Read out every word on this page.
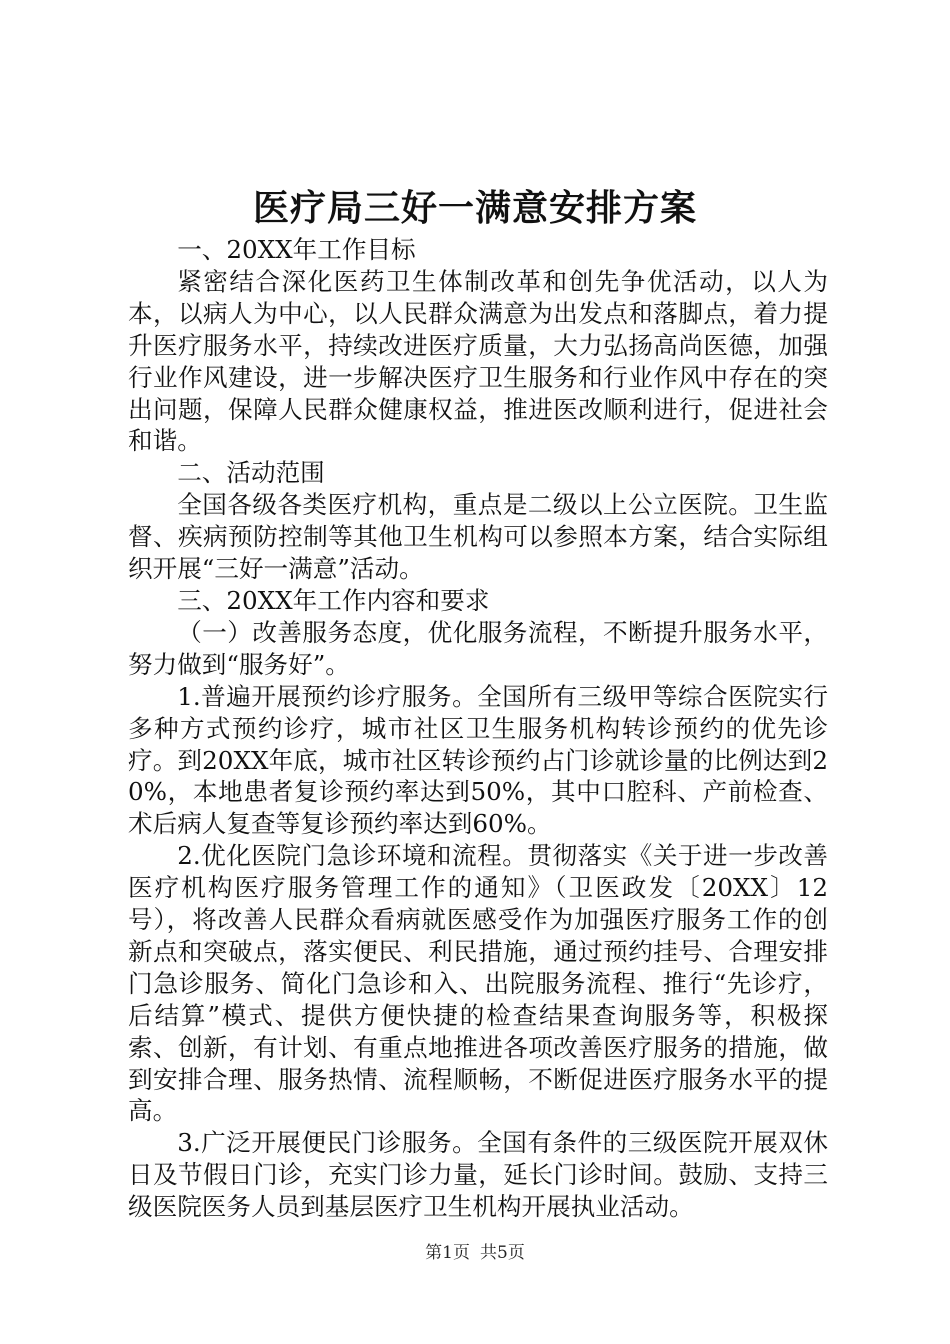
医疗局三好一满意安排方案

一、20XX年工作目标

紧密结合深化医药卫生体制改革和创先争优活动，以人为本，以病人为中心，以人民群众满意为出发点和落脚点，着力提升医疗服务水平，持续改进医疗质量，大力弘扬高尚医德，加强行业作风建设，进一步解决医疗卫生服务和行业作风中存在的突出问题，保障人民群众健康权益，推进医改顺利进行，促进社会和谐。

二、活动范围

全国各级各类医疗机构，重点是二级以上公立医院。卫生监督、疾病预防控制等其他卫生机构可以参照本方案，结合实际组织开展“三好一满意”活动。

三、20XX年工作内容和要求

（一）改善服务态度，优化服务流程，不断提升服务水平，努力做到“服务好”。

1.普遍开展预约诊疗服务。全国所有三级甲等综合医院实行多种方式预约诊疗，城市社区卫生服务机构转诊预约的优先诊疗。到20XX年底，城市社区转诊预约占门诊就诊量的比例达到20%，本地患者复诊预约率达到50%，其中口腔科、产前检查、术后病人复查等复诊预约率达到60%。

2.优化医院门急诊环境和流程。贯彻落实《关于进一步改善医疗机构医疗服务管理工作的通知》（卫医政发〔20XX〕12号），将改善人民群众看病就医感受作为加强医疗服务工作的创新点和突破点，落实便民、利民措施，通过预约挂号、合理安排门急诊服务、简化门急诊和入、出院服务流程、推行“先诊疗，后结算”模式、提供方便快捷的检查结果查询服务等，积极探索、创新，有计划、有重点地推进各项改善医疗服务的措施，做到安排合理、服务热情、流程顺畅，不断促进医疗服务水平的提高。

3.广泛开展便民门诊服务。全国有条件的三级医院开展双休日及节假日门诊，充实门诊力量，延长门诊时间。鼓励、支持三级医院医务人员到基层医疗卫生机构开展执业活动。

第1页 共5页
